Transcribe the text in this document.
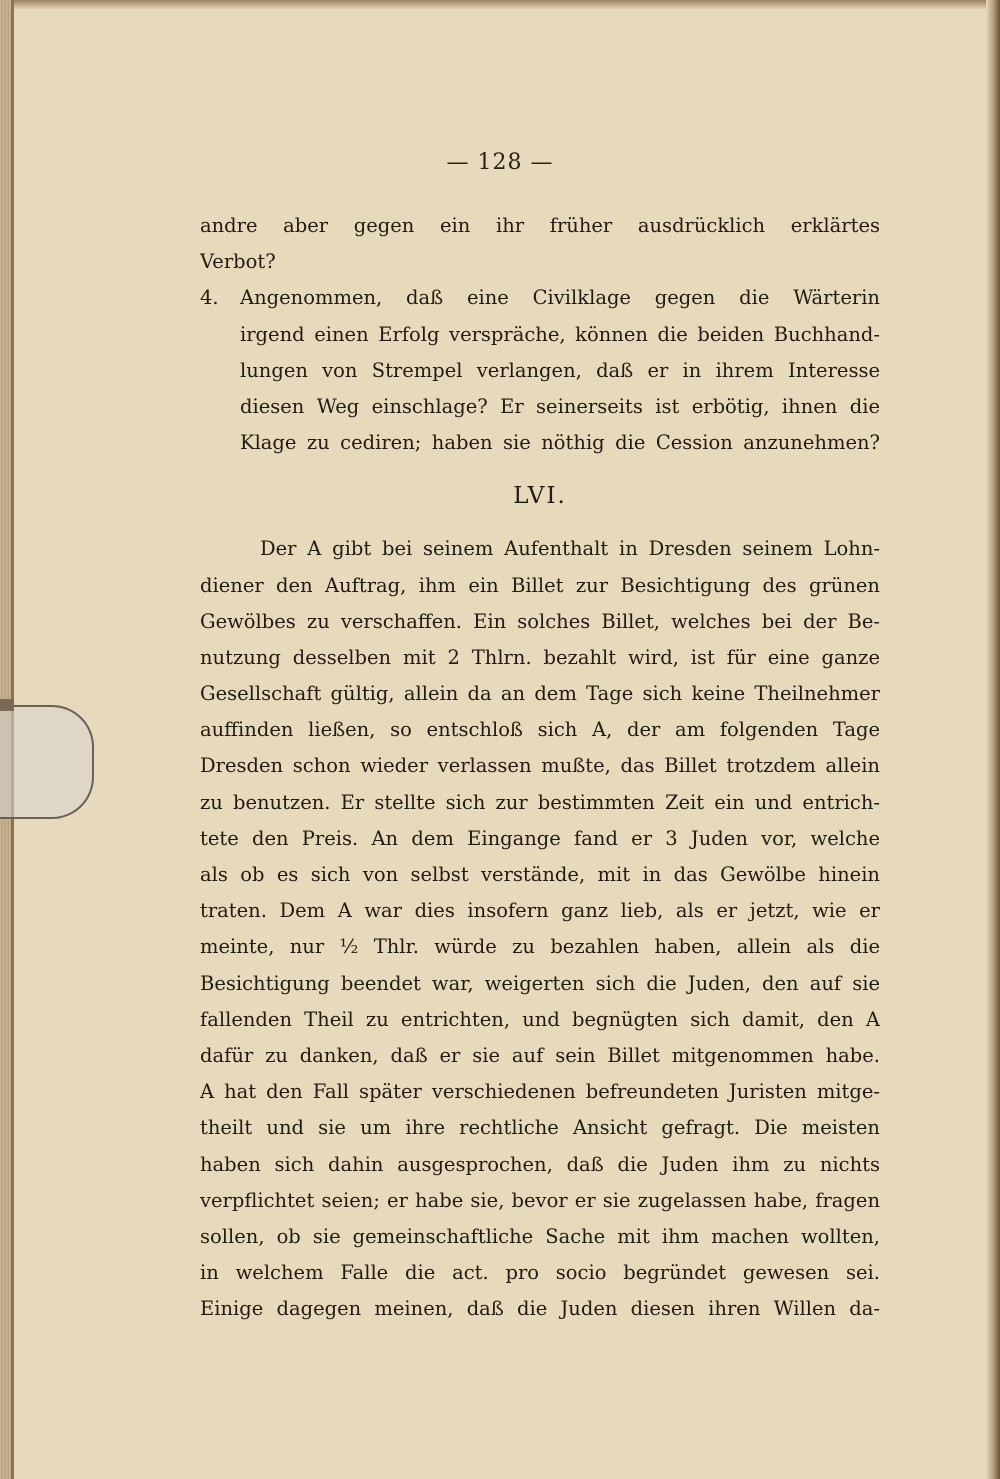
— 128 —
andre aber gegen ein ihr früher ausdrücklich erklärtes
Verbot?
4. Angenommen, daß eine Civilklage gegen die Wärterin
irgend einen Erfolg verspräche, können die beiden Buchhand-
lungen von Strempel verlangen, daß er in ihrem Interesse
diesen Weg einschlage? Er seinerseits ist erbötig, ihnen die
Klage zu cediren; haben sie nöthig die Cession anzunehmen?
LVI.
Der A gibt bei seinem Aufenthalt in Dresden seinem Lohn-
diener den Auftrag, ihm ein Billet zur Besichtigung des grünen
Gewölbes zu verschaffen. Ein solches Billet, welches bei der Be-
nutzung desselben mit 2 Thlrn. bezahlt wird, ist für eine ganze
Gesellschaft gültig, allein da an dem Tage sich keine Theilnehmer
auffinden ließen, so entschloß sich A, der am folgenden Tage
Dresden schon wieder verlassen mußte, das Billet trotzdem allein
zu benutzen. Er stellte sich zur bestimmten Zeit ein und entrich-
tete den Preis. An dem Eingange fand er 3 Juden vor, welche
als ob es sich von selbst verstände, mit in das Gewölbe hinein
traten. Dem A war dies insofern ganz lieb, als er jetzt, wie er
meinte, nur ½ Thlr. würde zu bezahlen haben, allein als die
Besichtigung beendet war, weigerten sich die Juden, den auf sie
fallenden Theil zu entrichten, und begnügten sich damit, den A
dafür zu danken, daß er sie auf sein Billet mitgenommen habe.
A hat den Fall später verschiedenen befreundeten Juristen mitge-
theilt und sie um ihre rechtliche Ansicht gefragt. Die meisten
haben sich dahin ausgesprochen, daß die Juden ihm zu nichts
verpflichtet seien; er habe sie, bevor er sie zugelassen habe, fragen
sollen, ob sie gemeinschaftliche Sache mit ihm machen wollten,
in welchem Falle die act. pro socio begründet gewesen sei.
Einige dagegen meinen, daß die Juden diesen ihren Willen da-
